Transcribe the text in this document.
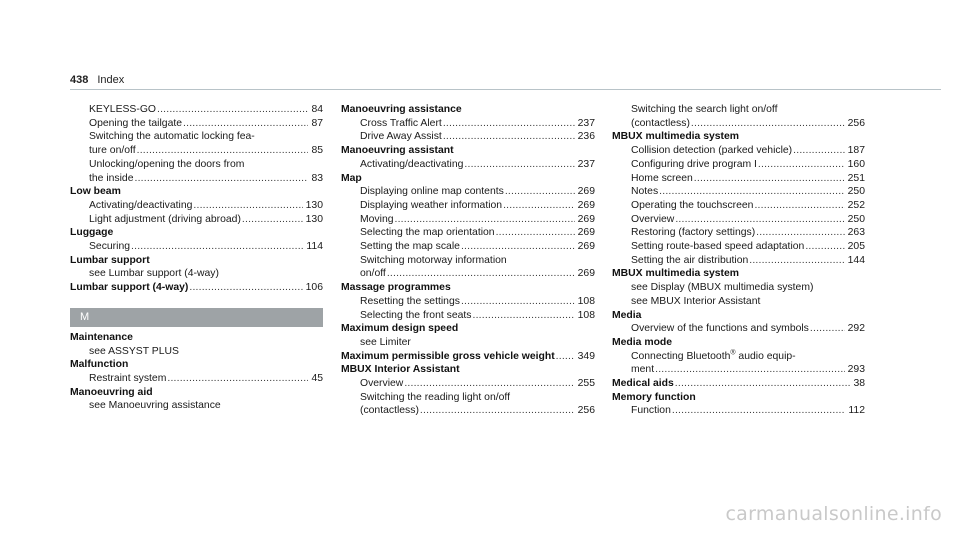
438 Index
KEYLESS-GO .....	84
Opening the tailgate .....	87
Switching the automatic locking fea-
ture on/off .....	85
Unlocking/opening the doors from
the inside .....	83
Low beam
Activating/deactivating .....	130
Light adjustment (driving abroad) .....	130
Luggage
Securing .....	114
Lumbar support
see Lumbar support (4-way)
Lumbar support (4-way) .....	106
M
Maintenance
see ASSYST PLUS
Malfunction
Restraint system .....	45
Manoeuvring aid
see Manoeuvring assistance
Manoeuvring assistance
Cross Traffic Alert .....	237
Drive Away Assist .....	236
Manoeuvring assistant
Activating/deactivating .....	237
Map
Displaying online map contents .....	269
Displaying weather information .....	269
Moving .....	269
Selecting the map orientation .....	269
Setting the map scale .....	269
Switching motorway information
on/off .....	269
Massage programmes
Resetting the settings .....	108
Selecting the front seats .....	108
Maximum design speed
see Limiter
Maximum permissible gross vehicle weight ..... 349
MBUX Interior Assistant
Overview .....	255
Switching the reading light on/off
(contactless) .....	256
Switching the search light on/off
(contactless) .....	256
MBUX multimedia system
Collision detection (parked vehicle) .....	187
Configuring drive program I .....	160
Home screen .....	251
Notes .....	250
Operating the touchscreen .....	252
Overview .....	250
Restoring (factory settings) .....	263
Setting route-based speed adaptation .....	205
Setting the air distribution .....	144
MBUX multimedia system
see Display (MBUX multimedia system)
see MBUX Interior Assistant
Media
Overview of the functions and symbols .....	292
Media mode
Connecting Bluetooth® audio equip-
ment .....	293
Medical aids .....	38
Memory function
Function .....	112
carmanualsonline.info
